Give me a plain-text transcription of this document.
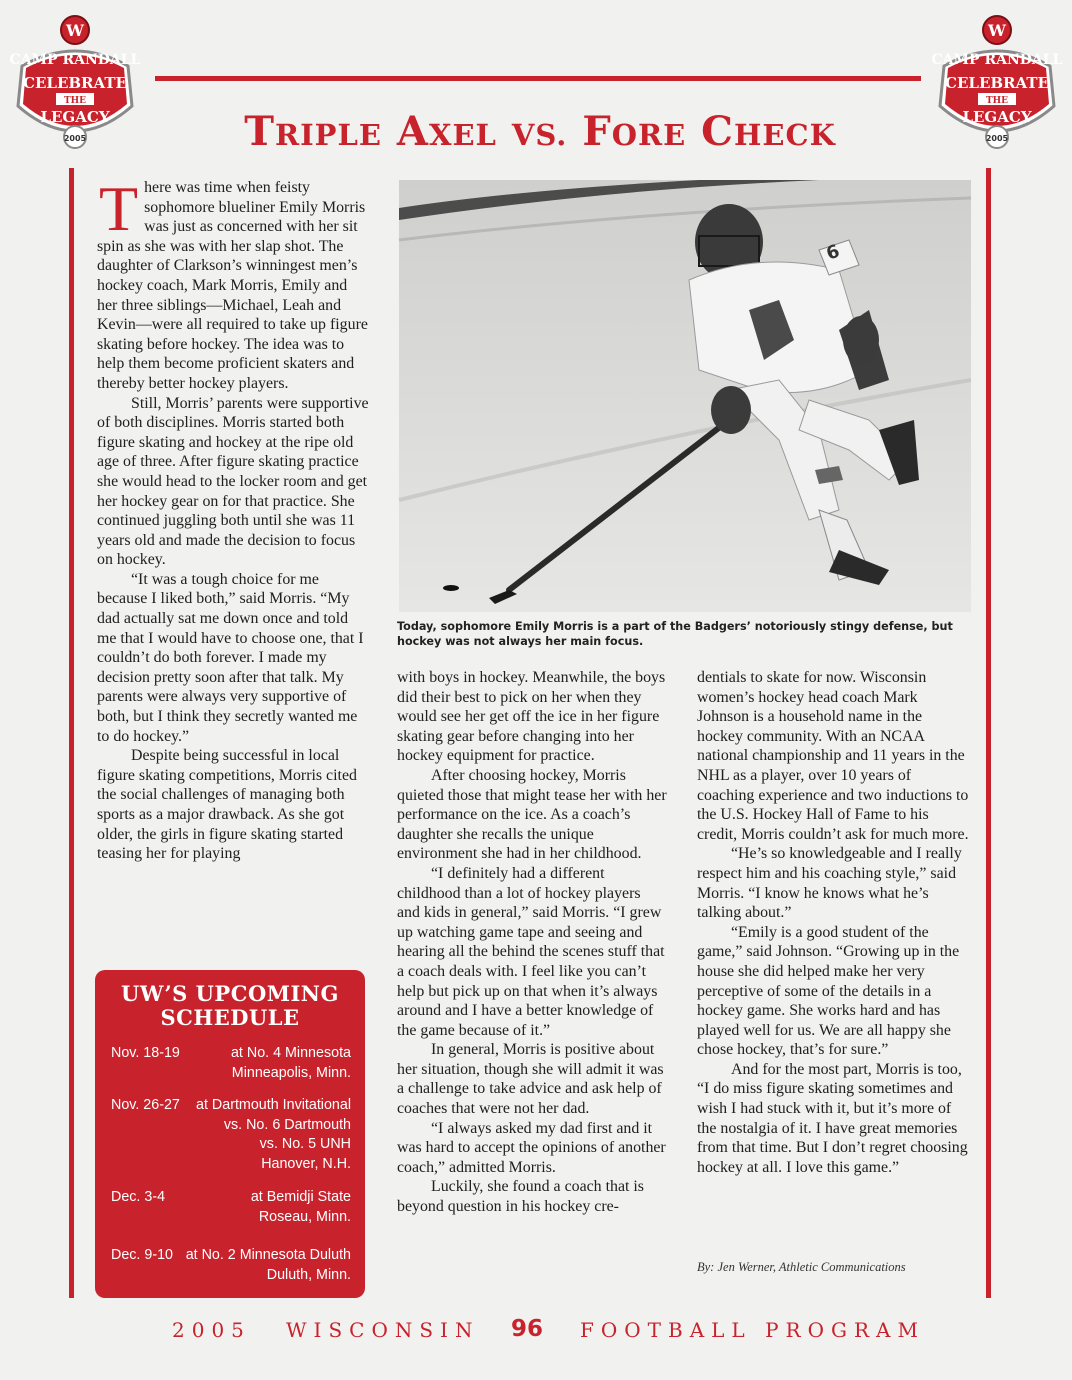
W
CAMP RANDALL
CELEBRATE
THE
LEGACY
2005
W
CAMP RANDALL
CELEBRATE
THE
LEGACY
2005
TRIPLE AXEL VS. FORE CHECK
T here was time when feisty sophomore blueliner Emily Morris was just as concerned with her sit spin as she was with her slap shot. The daughter of Clarkson’s winningest men’s hockey coach, Mark Morris, Emily and her three siblings—Michael, Leah and Kevin—were all required to take up figure skating before hockey. The idea was to help them become proficient skaters and thereby better hockey players.

Still, Morris’ parents were supportive of both disciplines. Morris started both figure skating and hockey at the ripe old age of three. After figure skating practice she would head to the locker room and get her hockey gear on for that practice. She continued juggling both until she was 11 years old and made the decision to focus on hockey.

“It was a tough choice for me because I liked both,” said Morris. “My dad actually sat me down once and told me that I would have to choose one, that I couldn’t do both forever. I made my decision pretty soon after that talk. My parents were always very supportive of both, but I think they secretly wanted me to do hockey.”

Despite being successful in local figure skating competitions, Morris cited the social challenges of managing both sports as a major drawback. As she got older, the girls in figure skating started teasing her for playing

6
Today, sophomore Emily Morris is a part of the Badgers’ notoriously stingy defense, but hockey was not always her main focus.

with boys in hockey. Meanwhile, the boys did their best to pick on her when they would see her get off the ice in her figure skating gear before changing into her hockey equipment for practice.

After choosing hockey, Morris quieted those that might tease her with her performance on the ice. As a coach’s daughter she recalls the unique environment she had in her childhood.

“I definitely had a different childhood than a lot of hockey players and kids in general,” said Morris. “I grew up watching game tape and seeing and hearing all the behind the scenes stuff that a coach deals with. I feel like you can’t help but pick up on that when it’s always around and I have a better knowledge of the game because of it.”

In general, Morris is positive about her situation, though she will admit it was a challenge to take advice and ask help of coaches that were not her dad.

“I always asked my dad first and it was hard to accept the opinions of another coach,” admitted Morris.

Luckily, she found a coach that is beyond question in his hockey cre-

dentials to skate for now. Wisconsin women’s hockey head coach Mark Johnson is a household name in the hockey community. With an NCAA national championship and 11 years in the NHL as a player, over 10 years of coaching experience and two inductions to the U.S. Hockey Hall of Fame to his credit, Morris couldn’t ask for much more.

“He’s so knowledgeable and I really respect him and his coaching style,” said Morris. “I know he knows what he’s talking about.”

“Emily is a good student of the game,” said Johnson. “Growing up in the house she did helped make her very perceptive of some of the details in a hockey game. She works hard and has played well for us. We are all happy she chose hockey, that’s for sure.”

And for the most part, Morris is too, “I do miss figure skating sometimes and wish I had stuck with it, but it’s more of the nostalgia of it. I have great memories from that time. But I don’t regret choosing hockey at all. I love this game.”

By: Jen Werner, Athletic Communications
UW’S UPCOMING
SCHEDULE
Nov. 18-19	at No. 4 Minnesota
Minneapolis, Minn.
Nov. 26-27 at Dartmouth Invitational
vs. No. 6 Dartmouth
vs. No. 5 UNH
Hanover, N.H.
Dec. 3-4	at Bemidji State
Roseau, Minn.
Dec. 9-10 at No. 2 Minnesota Duluth
Duluth, Minn.
2005 WISCONSIN 96 FOOTBALL PROGRAM
